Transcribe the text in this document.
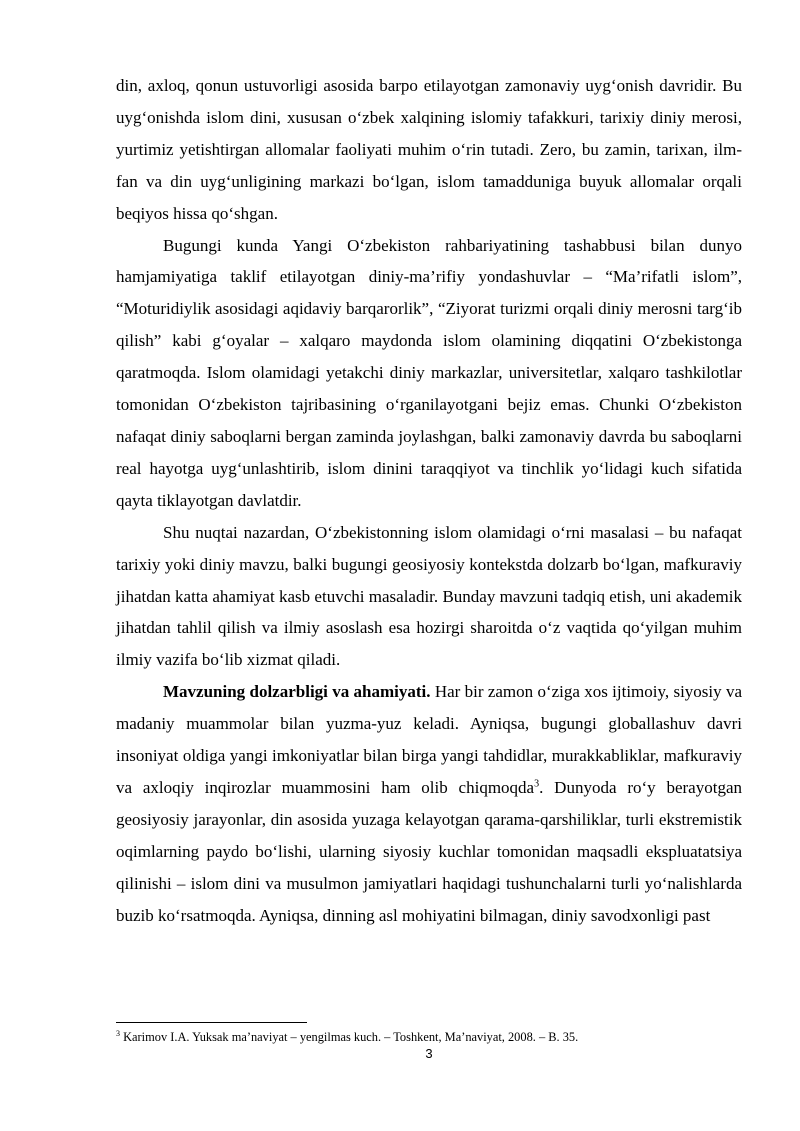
din, axloq, qonun ustuvorligi asosida barpo etilayotgan zamonaviy uyg‘onish davridir. Bu uyg‘onishda islom dini, xususan o‘zbek xalqining islomiy tafakkuri, tarixiy diniy merosi, yurtimiz yetishtirgan allomalar faoliyati muhim o‘rin tutadi. Zero, bu zamin, tarixan, ilm-fan va din uyg‘unligining markazi bo‘lgan, islom tamadduniga buyuk allomalar orqali beqiyos hissa qo‘shgan.

Bugungi kunda Yangi O‘zbekiston rahbariyatining tashabbusi bilan dunyo hamjamiyatiga taklif etilayotgan diniy-ma’rifiy yondashuvlar – “Ma’rifatli islom”, “Moturidiylik asosidagi aqidaviy barqarorlik”, “Ziyorat turizmi orqali diniy merosni targ‘ib qilish” kabi g‘oyalar – xalqaro maydonda islom olamining diqqatini O‘zbekistonga qaratmoqda. Islom olamidagi yetakchi diniy markazlar, universitetlar, xalqaro tashkilotlar tomonidan O‘zbekiston tajribasining o‘rganilayotgani bejiz emas. Chunki O‘zbekiston nafaqat diniy saboqlarni bergan zaminda joylashgan, balki zamonaviy davrda bu saboqlarni real hayotga uyg‘unlashtirib, islom dinini taraqqiyot va tinchlik yo‘lidagi kuch sifatida qayta tiklayotgan davlatdir.

Shu nuqtai nazardan, O‘zbekistonning islom olamidagi o‘rni masalasi – bu nafaqat tarixiy yoki diniy mavzu, balki bugungi geosiyosiy kontekstda dolzarb bo‘lgan, mafkuraviy jihatdan katta ahamiyat kasb etuvchi masaladir. Bunday mavzuni tadqiq etish, uni akademik jihatdan tahlil qilish va ilmiy asoslash esa hozirgi sharoitda o‘z vaqtida qo‘yilgan muhim ilmiy vazifa bo‘lib xizmat qiladi.

Mavzuning dolzarbligi va ahamiyati. Har bir zamon o‘ziga xos ijtimoiy, siyosiy va madaniy muammolar bilan yuzma-yuz keladi. Ayniqsa, bugungi globallashuv davri insoniyat oldiga yangi imkoniyatlar bilan birga yangi tahdidlar, murakkabliklar, mafkuraviy va axloqiy inqirozlar muammosini ham olib chiqmoqda$^3$. Dunyoda ro‘y berayotgan geosiyosiy jarayonlar, din asosida yuzaga kelayotgan qarama-qarshiliklar, turli ekstremistik oqimlarning paydo bo‘lishi, ularning siyosiy kuchlar tomonidan maqsadli ekspluatatsiya qilinishi – islom dini va musulmon jamiyatlari haqidagi tushunchalarni turli yo‘nalishlarda buzib ko‘rsatmoqda. Ayniqsa, dinning asl mohiyatini bilmagan, diniy savodxonligi past

$^3$ Karimov I.A. Yuksak ma’naviyat – yengilmas kuch. – Toshkent, Ma’naviyat, 2008. – B. 35.
3
